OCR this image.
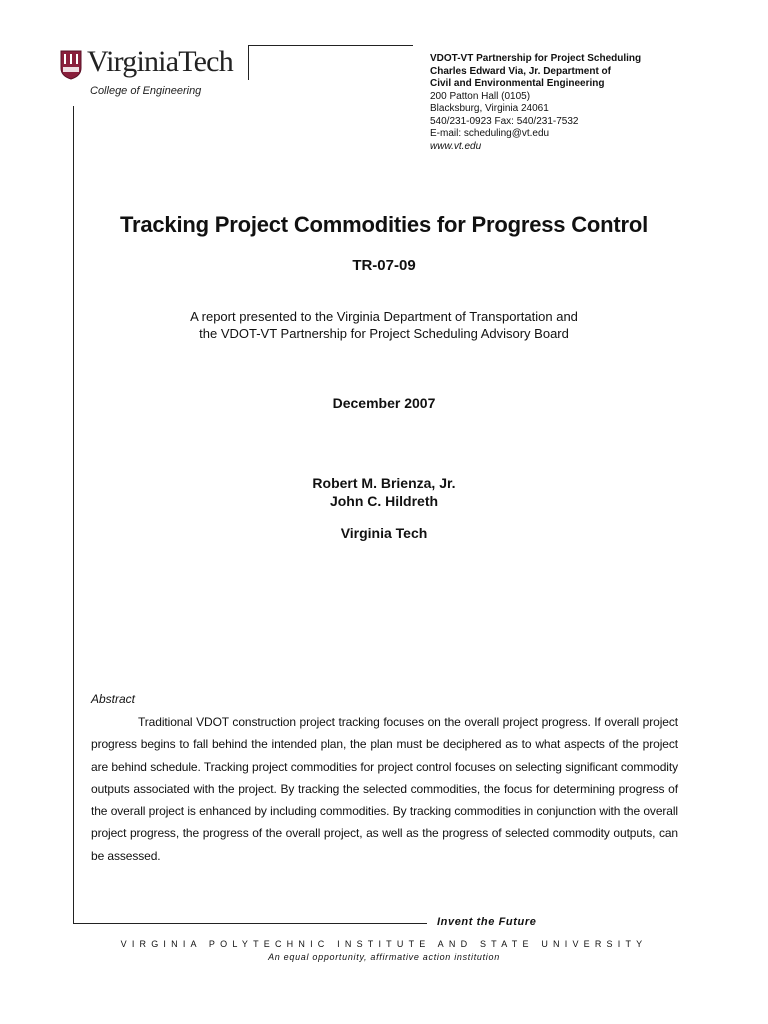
VirginiaTech
College of Engineering
VDOT-VT Partnership for Project Scheduling
Charles Edward Via, Jr. Department of
Civil and Environmental Engineering
200 Patton Hall (0105)
Blacksburg, Virginia 24061
540/231-0923 Fax: 540/231-7532
E-mail: scheduling@vt.edu
www.vt.edu
Tracking Project Commodities for Progress Control
TR-07-09
A report presented to the Virginia Department of Transportation and
the VDOT-VT Partnership for Project Scheduling Advisory Board
December 2007
Robert M. Brienza, Jr.
John C. Hildreth
Virginia Tech
Abstract
Traditional VDOT construction project tracking focuses on the overall project progress. If overall project progress begins to fall behind the intended plan, the plan must be deciphered as to what aspects of the project are behind schedule. Tracking project commodities for project control focuses on selecting significant commodity outputs associated with the project. By tracking the selected commodities, the focus for determining progress of the overall project is enhanced by including commodities. By tracking commodities in conjunction with the overall project progress, the progress of the overall project, as well as the progress of selected commodity outputs, can be assessed.
Invent the Future
VIRGINIA POLYTECHNIC INSTITUTE AND STATE UNIVERSITY
An equal opportunity, affirmative action institution
